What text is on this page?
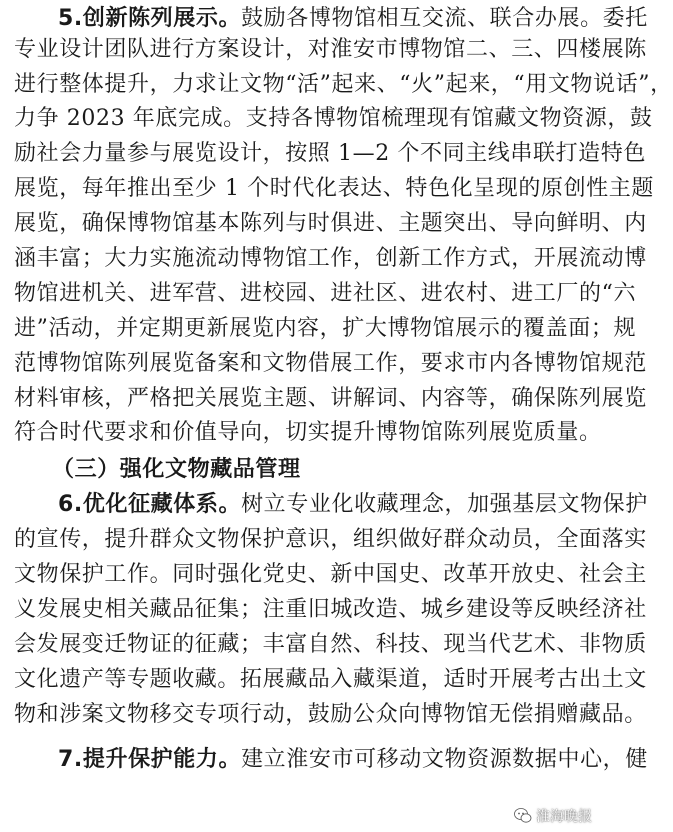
5.创新陈列展示。鼓励各博物馆相互交流、联合办展。委托
专业设计团队进行方案设计，对淮安市博物馆二、三、四楼展陈
进行整体提升，力求让文物“活”起来、“火”起来，“用文物说话”，
力争 2023 年底完成。支持各博物馆梳理现有馆藏文物资源，鼓
励社会力量参与展览设计，按照 1—2 个不同主线串联打造特色
展览，每年推出至少 1 个时代化表达、特色化呈现的原创性主题
展览，确保博物馆基本陈列与时俱进、主题突出、导向鲜明、内
涵丰富；大力实施流动博物馆工作，创新工作方式，开展流动博
物馆进机关、进军营、进校园、进社区、进农村、进工厂的“六
进”活动，并定期更新展览内容，扩大博物馆展示的覆盖面；规
范博物馆陈列展览备案和文物借展工作，要求市内各博物馆规范
材料审核，严格把关展览主题、讲解词、内容等，确保陈列展览
符合时代要求和价值导向，切实提升博物馆陈列展览质量。
（三）强化文物藏品管理
6.优化征藏体系。树立专业化收藏理念，加强基层文物保护
的宣传，提升群众文物保护意识，组织做好群众动员，全面落实
文物保护工作。同时强化党史、新中国史、改革开放史、社会主
义发展史相关藏品征集；注重旧城改造、城乡建设等反映经济社
会发展变迁物证的征藏；丰富自然、科技、现当代艺术、非物质
文化遗产等专题收藏。拓展藏品入藏渠道，适时开展考古出土文
物和涉案文物移交专项行动，鼓励公众向博物馆无偿捐赠藏品。
7.提升保护能力。建立淮安市可移动文物资源数据中心，健
淮海晚报
